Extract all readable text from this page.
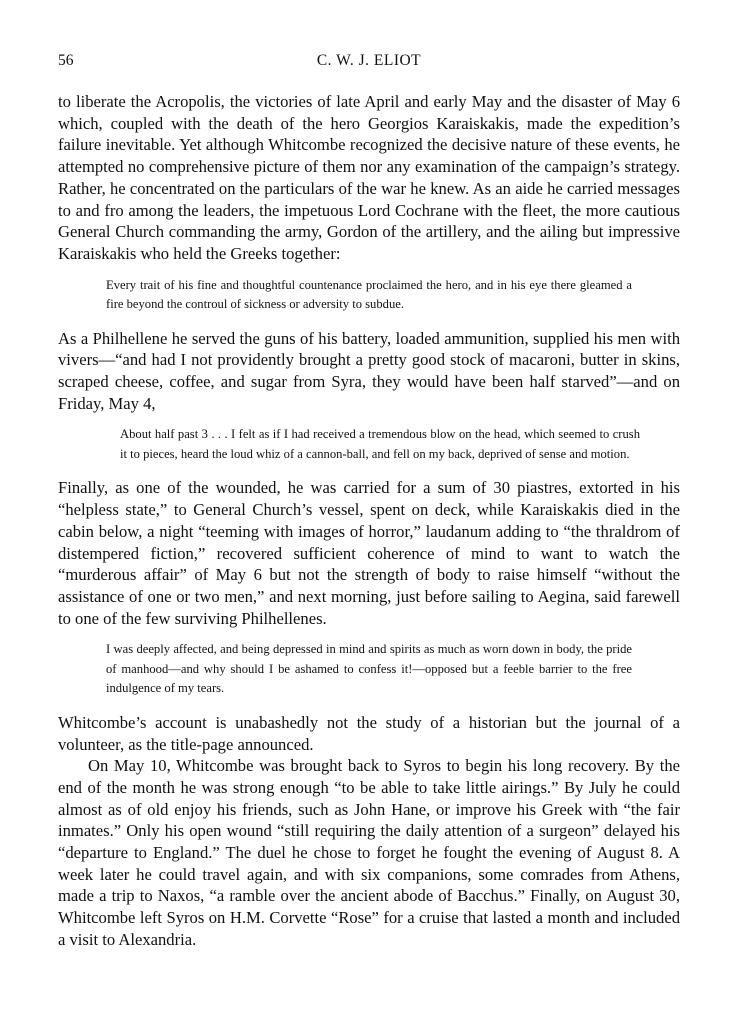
56	C. W. J. ELIOT

to liberate the Acropolis, the victories of late April and early May and the disaster of May 6 which, coupled with the death of the hero Georgios Karaiskakis, made the expedition’s failure inevitable. Yet although Whitcombe recognized the decisive nature of these events, he attempted no comprehensive picture of them nor any examination of the campaign’s strategy. Rather, he concentrated on the particulars of the war he knew. As an aide he carried messages to and fro among the leaders, the impetuous Lord Cochrane with the fleet, the more cautious General Church commanding the army, Gordon of the artillery, and the ailing but impressive Karaiskakis who held the Greeks together:

Every trait of his fine and thoughtful countenance proclaimed the hero, and in his eye there gleamed a fire beyond the controul of sickness or adversity to subdue.

As a Philhellene he served the guns of his battery, loaded ammunition, supplied his men with vivers—“and had I not providently brought a pretty good stock of macaroni, butter in skins, scraped cheese, coffee, and sugar from Syra, they would have been half starved”—and on Friday, May 4,

About half past 3 . . . I felt as if I had received a tremendous blow on the head, which seemed to crush it to pieces, heard the loud whiz of a cannon-ball, and fell on my back, deprived of sense and motion.

Finally, as one of the wounded, he was carried for a sum of 30 piastres, extorted in his “helpless state,” to General Church’s vessel, spent on deck, while Karaiskakis died in the cabin below, a night “teeming with images of horror,” laudanum adding to “the thraldrom of distempered fiction,” recovered sufficient coherence of mind to want to watch the “murderous affair” of May 6 but not the strength of body to raise himself “without the assistance of one or two men,” and next morning, just before sailing to Aegina, said farewell to one of the few surviving Philhellenes.

I was deeply affected, and being depressed in mind and spirits as much as worn down in body, the pride of manhood—and why should I be ashamed to confess it!—opposed but a feeble barrier to the free indulgence of my tears.

Whitcombe’s account is unabashedly not the study of a historian but the journal of a volunteer, as the title-page announced.

On May 10, Whitcombe was brought back to Syros to begin his long recovery. By the end of the month he was strong enough “to be able to take little airings.” By July he could almost as of old enjoy his friends, such as John Hane, or improve his Greek with “the fair inmates.” Only his open wound “still requiring the daily attention of a surgeon” delayed his “departure to England.” The duel he chose to forget he fought the evening of August 8. A week later he could travel again, and with six companions, some comrades from Athens, made a trip to Naxos, “a ramble over the ancient abode of Bacchus.” Finally, on August 30, Whitcombe left Syros on H.M. Corvette “Rose” for a cruise that lasted a month and included a visit to Alexandria.
